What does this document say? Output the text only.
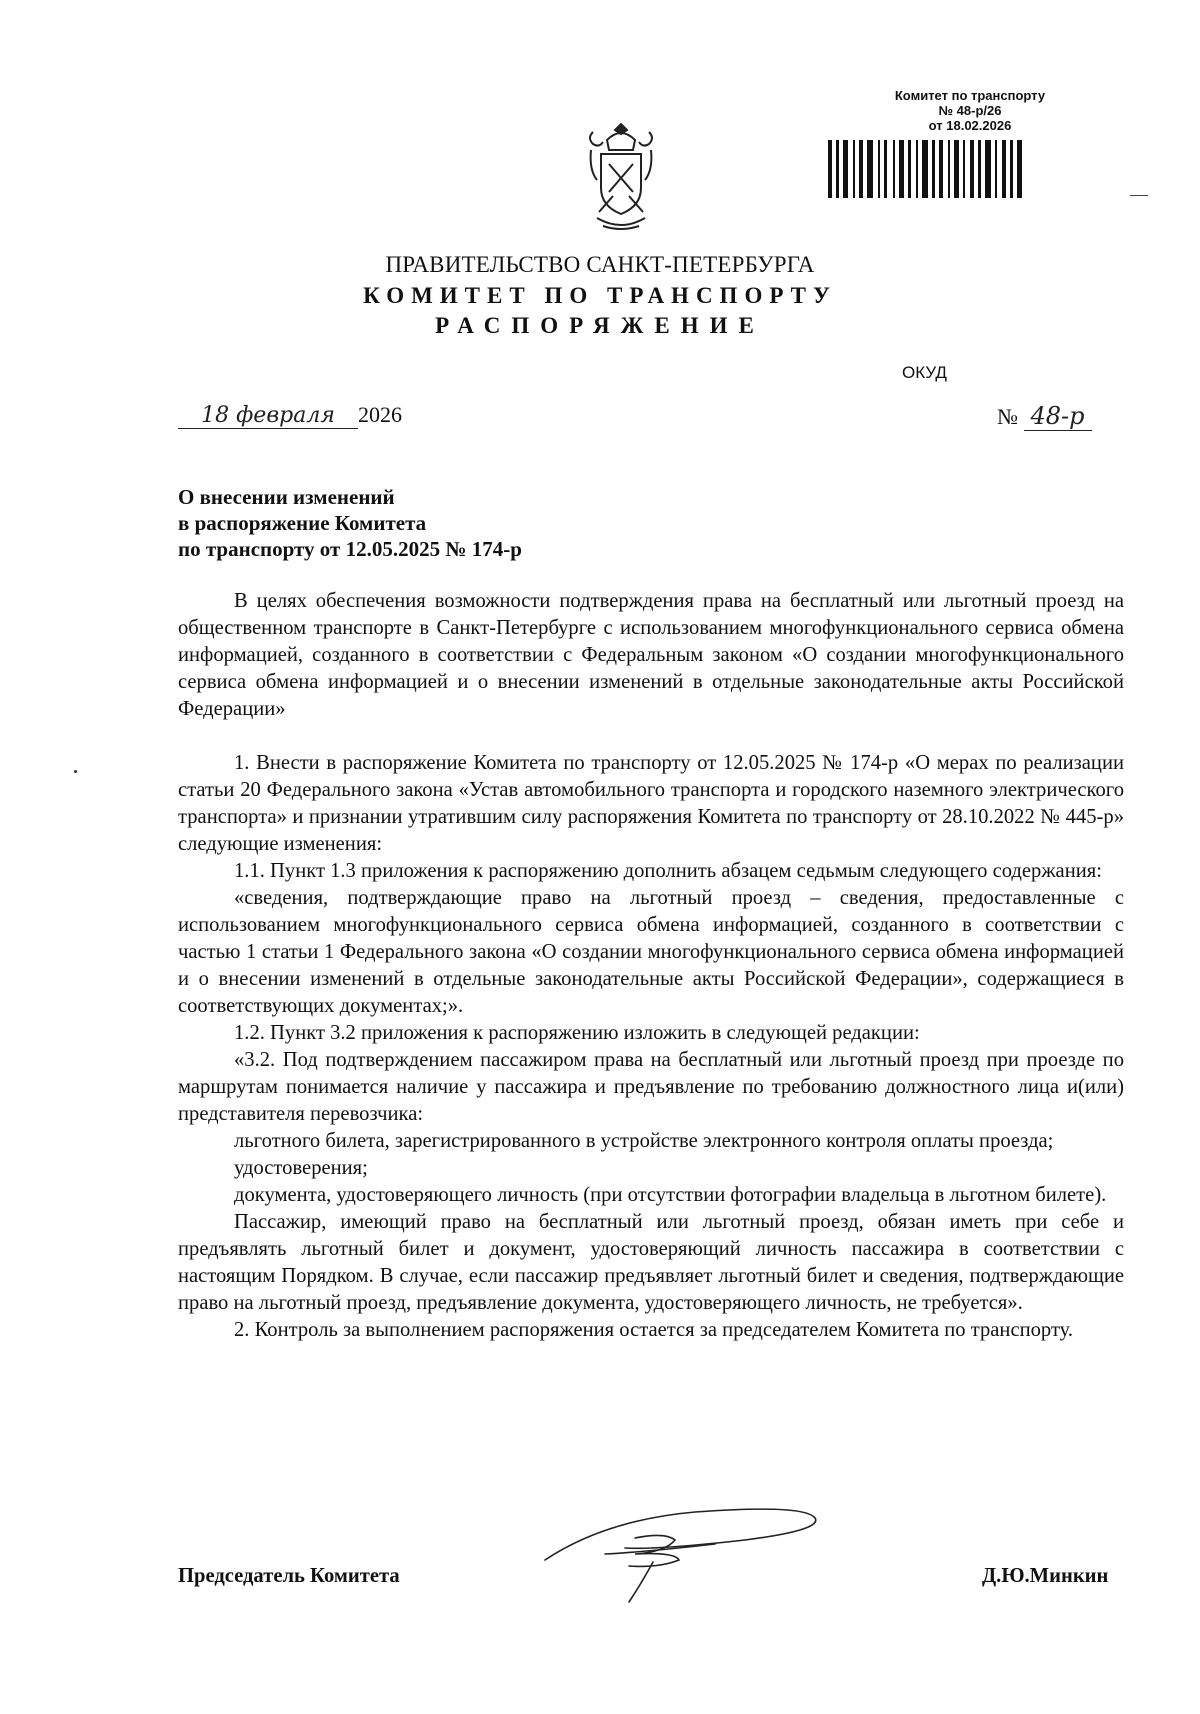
Комитет по транспорту
№ 48-р/26
от 18.02.2026
ПРАВИТЕЛЬСТВО САНКТ-ПЕТЕРБУРГА
КОМИТЕТ ПО ТРАНСПОРТУ
РАСПОРЯЖЕНИЕ
ОКУД
18 февраля 2026	№ 48-р
О внесении изменений
в распоряжение Комитета
по транспорту от 12.05.2025 № 174-р

В целях обеспечения возможности подтверждения права на бесплатный или льготный проезд на общественном транспорте в Санкт-Петербурге с использованием многофункционального сервиса обмена информацией, созданного в соответствии с Федеральным законом «О создании многофункционального сервиса обмена информацией и о внесении изменений в отдельные законодательные акты Российской Федерации»

1. Внести в распоряжение Комитета по транспорту от 12.05.2025 № 174-р «О мерах по реализации статьи 20 Федерального закона «Устав автомобильного транспорта и городского наземного электрического транспорта» и признании утратившим силу распоряжения Комитета по транспорту от 28.10.2022 № 445-р» следующие изменения:

1.1. Пункт 1.3 приложения к распоряжению дополнить абзацем седьмым следующего содержания:

«сведения, подтверждающие право на льготный проезд – сведения, предоставленные с использованием многофункционального сервиса обмена информацией, созданного в соответствии с частью 1 статьи 1 Федерального закона «О создании многофункционального сервиса обмена информацией и о внесении изменений в отдельные законодательные акты Российской Федерации», содержащиеся в соответствующих документах;».

1.2. Пункт 3.2 приложения к распоряжению изложить в следующей редакции:

«3.2. Под подтверждением пассажиром права на бесплатный или льготный проезд при проезде по маршрутам понимается наличие у пассажира и предъявление по требованию должностного лица и(или) представителя перевозчика:

льготного билета, зарегистрированного в устройстве электронного контроля оплаты проезда;

удостоверения;

документа, удостоверяющего личность (при отсутствии фотографии владельца в льготном билете).

Пассажир, имеющий право на бесплатный или льготный проезд, обязан иметь при себе и предъявлять льготный билет и документ, удостоверяющий личность пассажира в соответствии с настоящим Порядком. В случае, если пассажир предъявляет льготный билет и сведения, подтверждающие право на льготный проезд, предъявление документа, удостоверяющего личность, не требуется».

2. Контроль за выполнением распоряжения остается за председателем Комитета по транспорту.

Председатель Комитета	Д.Ю.Минкин
